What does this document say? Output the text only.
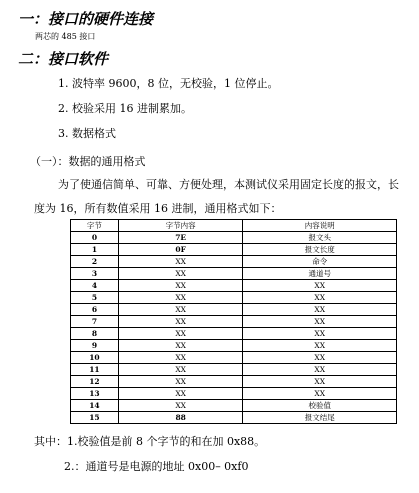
一：接口的硬件连接
两芯的 485 接口
二：接口软件
1. 波特率 9600，8 位，无校验，1 位停止。
2. 校验采用 16 进制累加。
3. 数据格式
（一）：数据的通用格式
为了使通信简单、可靠、方便处理，本测试仪采用固定长度的报文，长
度为 16，所有数值采用 16 进制，通用格式如下：
字节	字节内容	内容说明
0	7E	报文头
1	0F	报文长度
2	XX	命令
3	XX	通道号
4	XX	XX
5	XX	XX
6	XX	XX
7	XX	XX
8	XX	XX
9	XX	XX
10	XX	XX
11	XX	XX
12	XX	XX
13	XX	XX
14	XX	校验值
15	88	报文结尾
其中：1.校验值是前 8 个字节的和在加 0x88。
2.：通道号是电源的地址 0x00– 0xf0
